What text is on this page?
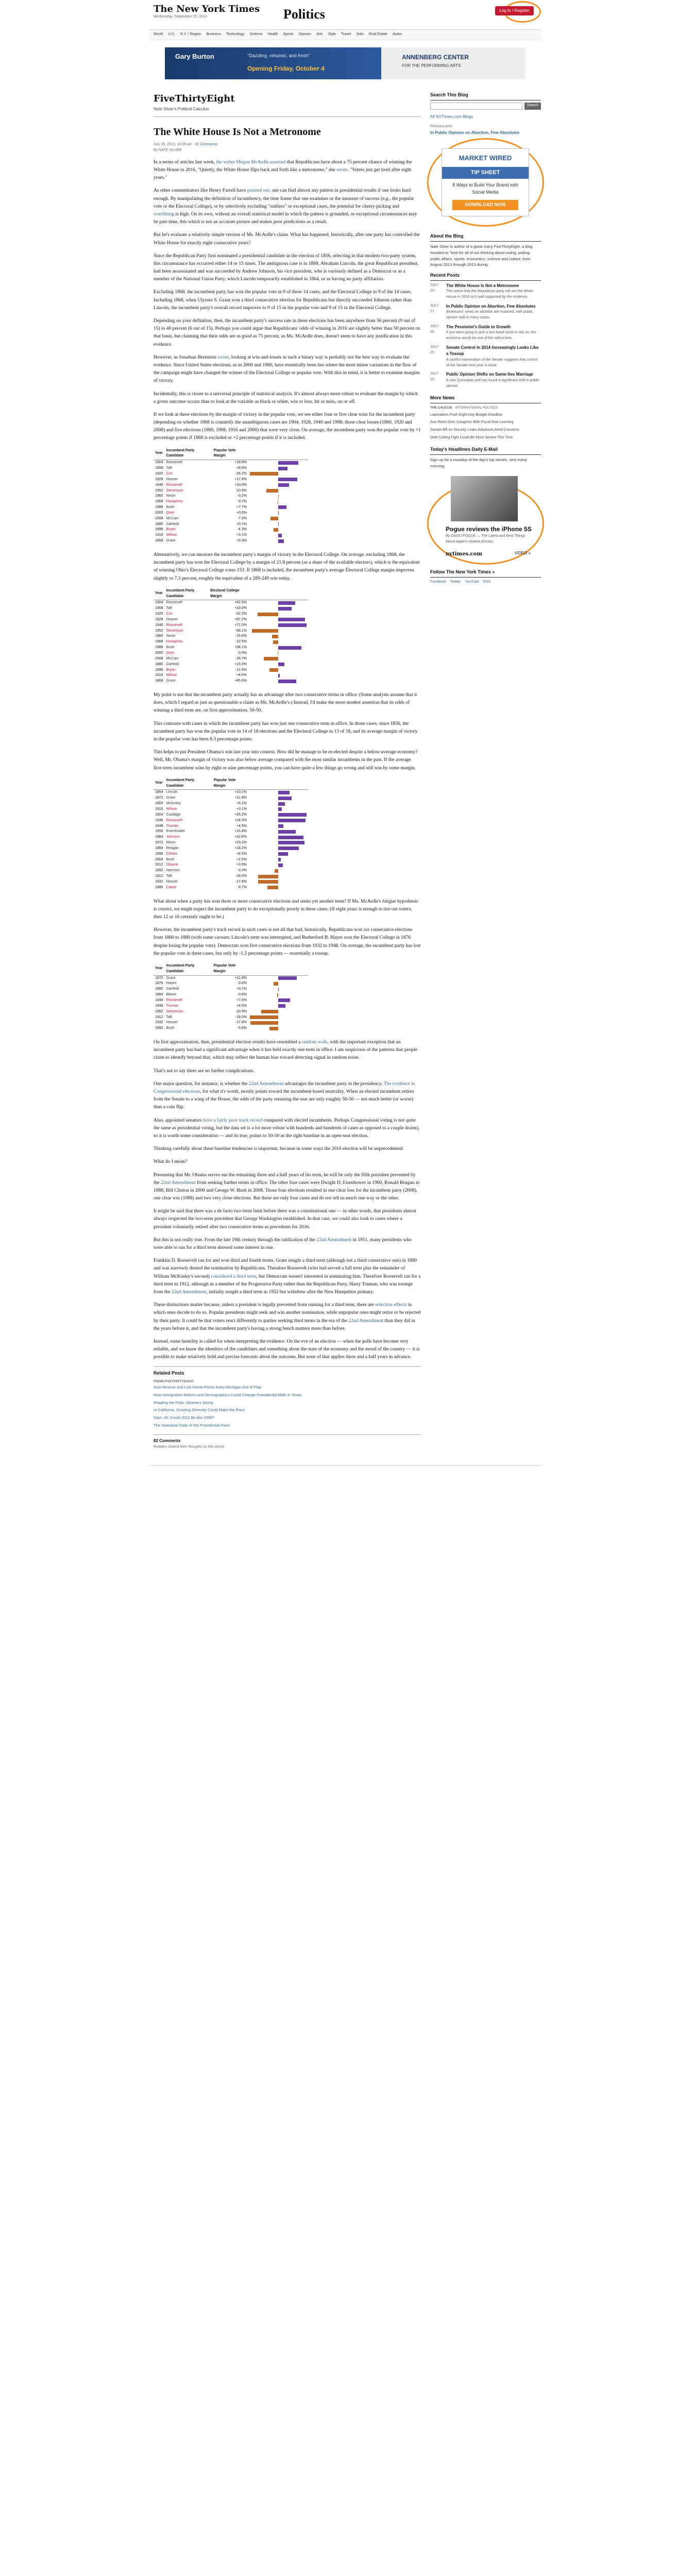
The New York Times
Wednesday, September 25, 2013	Politics	Log In / Register
World U.S. N.Y. / Region Business Technology Science Health Sports Opinion Arts Style Travel Jobs Real Estate Autos
Gary Burton	"Dazzling, virtuosic, and fresh"
Opening Friday, October 4
ANNENBERG CENTER
FOR THE PERFORMING ARTS
FiveThirtyEight
Nate Silver's Political Calculus
The White House Is Not a Metronome
July 29, 2013, 10:09 am · 82 Comments
By NATE SILVER

In a series of articles last week, the writer Megan McArdle asserted that Republicans have about a 75 percent chance of winning the White House in 2016. "Quietly, the White House flips back and forth like a metronome," she wrote. "Voters just get tired after eight years."

As other commentators like Henry Farrell have pointed out, one can find almost any pattern in presidential results if one looks hard enough. By manipulating the definition of incumbency, the time frame that one examines or the measure of success (e.g., the popular vote or the Electoral College), or by selectively excluding "outliers" or exceptional cases, the potential for cherry-picking and overfitting is high. On its own, without an overall statistical model in which the pattern is grounded, or exceptional circumstances may be part-time, this which is not an accurate picture and makes poor predictions as a result.

But let's evaluate a relatively simple version of Ms. McArdle's claim. What has happened, historically, after one party has controlled the White House for exactly eight consecutive years?

Since the Republican Party first nominated a presidential candidate in the election of 1856, selecting in that modern two-party system, this circumstance has occurred either 14 or 15 times. The ambiguous case is in 1868. Abraham Lincoln, the great Republican president, had been assassinated and was succeeded by Andrew Johnson, his vice president, who is variously defined as a Democrat or as a member of the National Union Party, which Lincoln temporarily established in 1864, or as having no party affiliation.

Excluding 1868, the incumbent party has won the popular vote in 9 of these 14 cases, and the Electoral College in 9 of the 14 cases. Including 1868, when Ulysses S. Grant won a third consecutive election for Republicans but directly succeeded Johnson rather than Lincoln, the incumbent party's overall record improves to 9 of 15 in the popular vote and 9 of 15 in the Electoral College.

Depending on your definition, then, the incumbent party's success rate in these elections has been anywhere from 56 percent (9 out of 15) to 40 percent (6 out of 15). Perhaps you could argue that Republicans' odds of winning in 2016 are slightly better than 50 percent on that basis, but claiming that their odds are as good as 75 percent, as Ms. McArdle does, doesn't seem to have any justification in this evidence.

However, as Jonathan Bernstein wrote, looking at win-and-losses in such a binary way is probably not the best way to evaluate the evidence. Since United States elections, as in 2000 and 1960, have essentially been ties where the most minor variations in the flow of the campaign might have changed the winner of the Electoral College or popular vote. With this in mind, it is better to examine margins of victory.

Incidentally, this is closer to a universal principle of statistical analysis. It's almost always more robust to evaluate the margin by which a given outcome occurs than to look at the variable as black or white, win or loss, hit or miss, on or off.

If we look at these elections by the margin of victory in the popular vote, we see either four or five clear wins for the incumbent party (depending on whether 1868 is counted): the unambiguous cases are 1904, 1928, 1940 and 1988; those clear losses (1860, 1920 and 2008) and five elections (1880, 1908, 1916 and 2000) that were very close. On average, the incumbent party won the popular vote by +1 percentage points if 1868 is excluded or +2 percentage points if it is included.

Year	Incumbent Party Candidate	Popular Vote Margin	
1904	Roosevelt	+18.8%	

1908	Taft	+8.6%	

1920	Cox	-26.2%	

1928	Hoover	+17.4%	

1940	Roosevelt	+10.0%	

1952	Stevenson	-10.9%	

1960	Nixon	-0.2%	

1968	Humphrey	-0.7%	

1988	Bush	+7.7%	

2000	Gore	+0.5%	

2008	McCain	-7.3%	

1880	Garfield	+0.1%	

1896	Bryan	-4.3%	

1916	Wilson	+3.1%	

1868	Grant	+5.3%	

Alternatively, we can measure the incumbent party's margin of victory in the Electoral College. On average, excluding 1868, the incumbent party has won the Electoral College by a margin of 21.8 percent (as a share of the available electors), which is the equivalent of winning Ohio's Electoral College votes 153. If 1868 is included, the incumbent party's average Electoral College margin improves slightly to 7.3 percent, roughly the equivalent of a 289-249 win today.

Year	Incumbent Party Candidate	Electoral College Margin	
1904	Roosevelt	+42.5%	

1908	Taft	+33.0%	

1920	Cox	-52.2%	

1928	Hoover	+67.2%	

1940	Roosevelt	+71.0%	

1952	Stevenson	-66.1%	

1960	Nixon	-15.6%	

1968	Humphrey	-12.5%	

1988	Bush	+58.1%	

2000	Gore	-0.9%	

2008	McCain	-35.7%	

1880	Garfield	+15.0%	

1896	Bryan	-21.5%	

1916	Wilson	+4.0%	

1868	Grant	+45.6%	

My point is not that the incumbent party actually has an advantage after two consecutive terms in office. (Some analysts assume that it does, which I regard as just as questionable a claim as Ms. McArdle's.) Instead, I'd make the more modest assertion that its odds of winning a third term are, on first approximation, 50-50.

This contrasts with cases in which the incumbent party has won just one consecutive term in office. In those cases, since 1856, the incumbent party has won the popular vote in 14 of 18 elections and the Electoral College in 13 of 18, and its average margin of victory in the popular vote has been 8.3 percentage points.

This helps to put President Obama's win last year into context. How did he manage to be re-elected despite a below-average economy? Well, Mr. Obama's margin of victory was also below average compared with the most similar incumbents in the past. If the average first-term incumbent wins by eight or nine percentage points, you can have quite a few things go wrong and still win by some margin.

Year	Incumbent Party Candidate	Popular Vote Margin	
1864	Lincoln	+10.1%	

1872	Grant	+11.8%	

1900	McKinley	+6.1%	

1916	Wilson	+3.1%	

1924	Coolidge	+25.2%	

1936	Roosevelt	+24.3%	

1948	Truman	+4.5%	

1956	Eisenhower	+15.4%	

1964	Johnson	+22.6%	

1972	Nixon	+23.2%	

1984	Reagan	+18.2%	

1996	Clinton	+8.5%	

2004	Bush	+2.5%	

2012	Obama	+3.9%	

1892	Harrison	-3.0%	

1912	Taft	-18.0%	

1932	Hoover	-17.8%	

1980	Carter	-9.7%	

What about when a party has won three or more consecutive elections and seeks yet another term? If Ms. McArdle's fatigue hypothesis is correct, we might expect the incumbent party to do exceptionally poorly in these cases. (If eight years is enough to tire out voters, then 12 or 16 certainly ought to be.)

However, the incumbent party's track record in such cases is not all that bad, historically. Republicans won six consecutive elections from 1860 to 1880 (with some caveats: Lincoln's term was interrupted, and Rutherford B. Hayes won the Electoral College in 1876 despite losing the popular vote). Democrats won five consecutive elections from 1932 to 1948. On average, the incumbent party has lost the popular vote in these cases, but only by -1.5 percentage points — essentially a tossup.

Year	Incumbent Party Candidate	Popular Vote Margin	
1872	Grant	+11.8%	

1876	Hayes	-3.0%	

1880	Garfield	+0.1%	

1884	Blaine	-0.6%	

1944	Roosevelt	+7.5%	

1948	Truman	+4.5%	

1952	Stevenson	-10.9%	

1912	Taft	-18.0%	

1932	Hoover	-17.8%	

1992	Bush	-5.6%	

On first approximation, then, presidential election results have resembled a random walk, with the important exception that an incumbent party has had a significant advantage when it has held exactly one term in office. I am suspicious of the patterns that people claim to identify beyond that, which may reflect the human bias toward detecting signal in random noise.

That's not to say there are no further complications.

One major question, for instance, is whether the 22nd Amendment advantages the incumbent party in the presidency. The evidence in Congressional elections, for what it's worth, mostly points toward the incumbent-based neutrality. When an elected incumbent retires from the Senate to a wing of the House, the odds of the party retaining the seat are only roughly 50-50 — not much better (or worse) than a coin flip.

Also, appointed senators have a fairly poor track record compared with elected incumbents. Perhaps Congressional voting is not quite the same as presidential voting, but the data set is a lot more robust with hundreds and hundreds of cases as opposed to a couple dozen), so it is worth some consideration — and its true, points to 50-50 as the right baseline in an open-seat election.

Thinking carefully about these baseline tendencies is important, because in some ways the 2016 election will be unprecedented.

What do I mean?

Presuming that Mr. Obama serves out the remaining three and a half years of his term, he will be only the fifth president prevented by the 22nd Amendment from seeking further terms in office. The other four cases were Dwight D. Eisenhower in 1960, Ronald Reagan in 1988, Bill Clinton in 2000 and George W. Bush in 2008. Those four elections resulted in one clear loss for the incumbent party (2008), one clear win (1988) and two very close elections. But these are only four cases and do not tell us much one way or the other.

It might be said that there was a de facto two-term limit before there was a constitutional one — in other words, that presidents almost always respected the two-term precedent that George Washington established. In that case, we could also look to cases where a president voluntarily retired after two consecutive terms as precedents for 2016.

But this is not really true. From the late 19th century through the ratification of the 22nd Amendment in 1951, many presidents who were able to run for a third term showed some interest in one.

Franklin D. Roosevelt ran for and won third and fourth terms. Grant sought a third term (although not a third consecutive one) in 1880 and was narrowly denied the nomination by Republicans. Theodore Roosevelt (who had served a full term plus the remainder of William McKinley's second) considered a third term, but Democrats weren't interested in nominating him. Therefore Roosevelt ran for a third term in 1912, although as a member of the Progressive Party rather than the Republican Party. Harry Truman, who was exempt from the 22nd Amendment, initially sought a third term in 1952 but withdrew after the New Hampshire primary.

These distinctions matter because, unless a president is legally prevented from running for a third term, there are selection effects in which ones decide to do so. Popular presidents might seek and win another nomination, while unpopular ones might retire or be rejected by their party. It could be that voters react differently to parties seeking third terms in the era of the 22nd Amendment than they did in the years before it, and that the incumbent party's having a strong bench matters more than before.

Instead, some humility is called for when interpreting the evidence. On the eve of an election — when the polls have become very reliable, and we know the identities of the candidates and something about the state of the economy and the mood of the country — it is possible to make relatively bold and precise forecasts about the outcome. But none of that applies three and a half years in advance.

Related Posts
FROM FIVETHIRTYEIGHT
Auto Rescue and Low Home Prices Keep Michigan Out of Play
How Immigration Reform and Demographics Could Change Presidential Math in Texas
Reading the Polls: Obama's Slump
In California, Growing Diversity Could Make the Race
Sept. 26: Could 2012 Be like 2008?
The Statistical State of the Presidential Race
82 Comments
Readers shared their thoughts on this article.
Search This Blog
Search
All NYTimes.com Blogs
Previous post
In Public Opinion on Abortion, Few Absolutes
MARKET WIRED
TIP SHEET
8 Ways to Build Your Brand with Social Media
DOWNLOAD NOW
About the Blog
Nate Silver is author of a great many FiveThirtyEight, a blog founded to "look for all of our thinking about voting, polling, public affairs, sports, economics, science and culture, from August 2013 through 2013 during.
Recent Posts
JULY 29
The White House Is Not a Metronome
The notion that the Republican party will win the White House in 2016 isn't well supported by the evidence.
JULY 27
In Public Opinion on Abortion, Few Absolutes
Americans' views on abortion are nuanced, with public opinion split in many cases.
JULY 26
The Pessimist's Guide to Growth
If you were going to pick a last-hand stock to rely on, the economy would be one of the safest bets.
JULY 25
Senate Control in 2014 Increasingly Looks Like a Tossup
A careful examination of the Senate suggests that control of the Senate next year is close.
JULY 19
Public Opinion Shifts on Same-Sex Marriage
A new Quinnipiac poll has found a significant shift in public opinion.
More News
THE CAUCUS INTERNATIONAL POLITICS
Lawmakers Push Eight-Day Budget Deadline
Sun Rises Over Congress With Fiscal Risk Looming
Senate Bill on Security Leaks Advances Amid Concerns
Debt Ceiling Fight Could Be More Severe This Time
Today's Headlines Daily E-Mail
Sign up for a roundup of the day's top stories, sent every morning.
Pogue reviews the iPhone 5S
By DAVID POGUE — The Latest and Best Things About Apple's newest phones.
nytimes.com	VIDEO »
Follow The New York Times »
Facebook Twitter YouTube RSS
